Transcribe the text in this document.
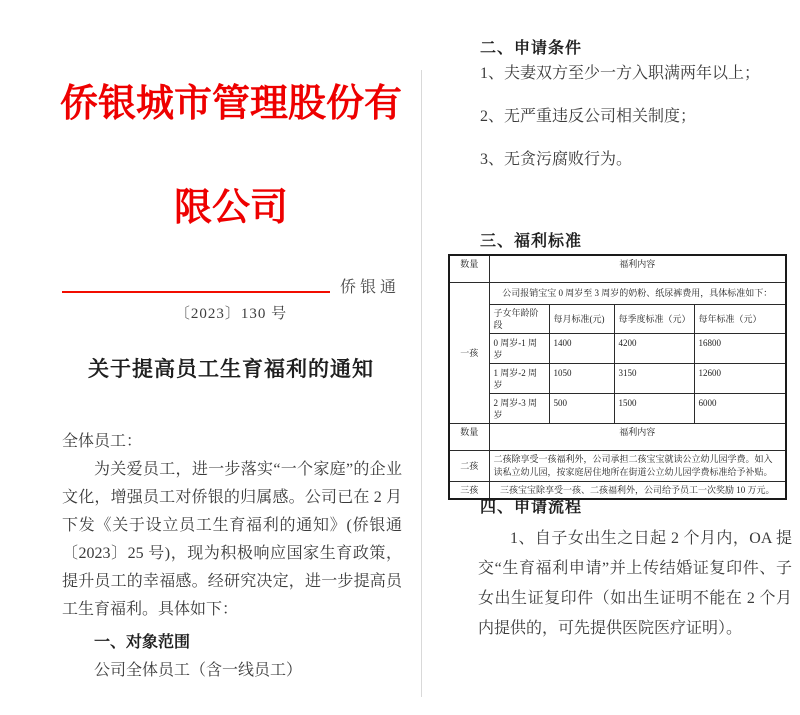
侨银城市管理股份有
限公司
侨银通
〔2023〕130 号
关于提高员工生育福利的通知
全体员工：
为关爱员工，进一步落实“一个家庭”的企业文化，增强员工对侨银的归属感。公司已在 2 月下发《关于设立员工生育福利的通知》(侨银通〔2023〕25 号)，现为积极响应国家生育政策，提升员工的幸福感。经研究决定，进一步提高员工生育福利。具体如下：
一、对象范围
公司全体员工（含一线员工）
二、申请条件
1、夫妻双方至少一方入职满两年以上；
2、无严重违反公司相关制度；
3、无贪污腐败行为。
三、福利标准
数量	福利内容			
一孩	公司报销宝宝 0 周岁至 3 周岁的奶粉、纸尿裤费用，具体标准如下：			
	子女年龄阶段	每月标准(元)	每季度标准（元）	每年标准（元）
	0 周岁-1 周岁	1400	4200	16800
	1 周岁-2 周岁	1050	3150	12600
	2 周岁-3 周岁	500	1500	6000
数量	福利内容			
二孩	二孩除享受一孩福利外，公司承担二孩宝宝就读公立幼儿园学费。如入读私立幼儿园，按家庭居住地所在街道公立幼儿园学费标准给予补贴。			
三孩	三孩宝宝除享受一孩、二孩福利外，公司给予员工一次奖励 10 万元。			
四、申请流程
1、自子女出生之日起 2 个月内，OA 提交“生育福利申请”并上传结婚证复印件、子女出生证复印件（如出生证明不能在 2 个月内提供的，可先提供医院医疗证明）。
